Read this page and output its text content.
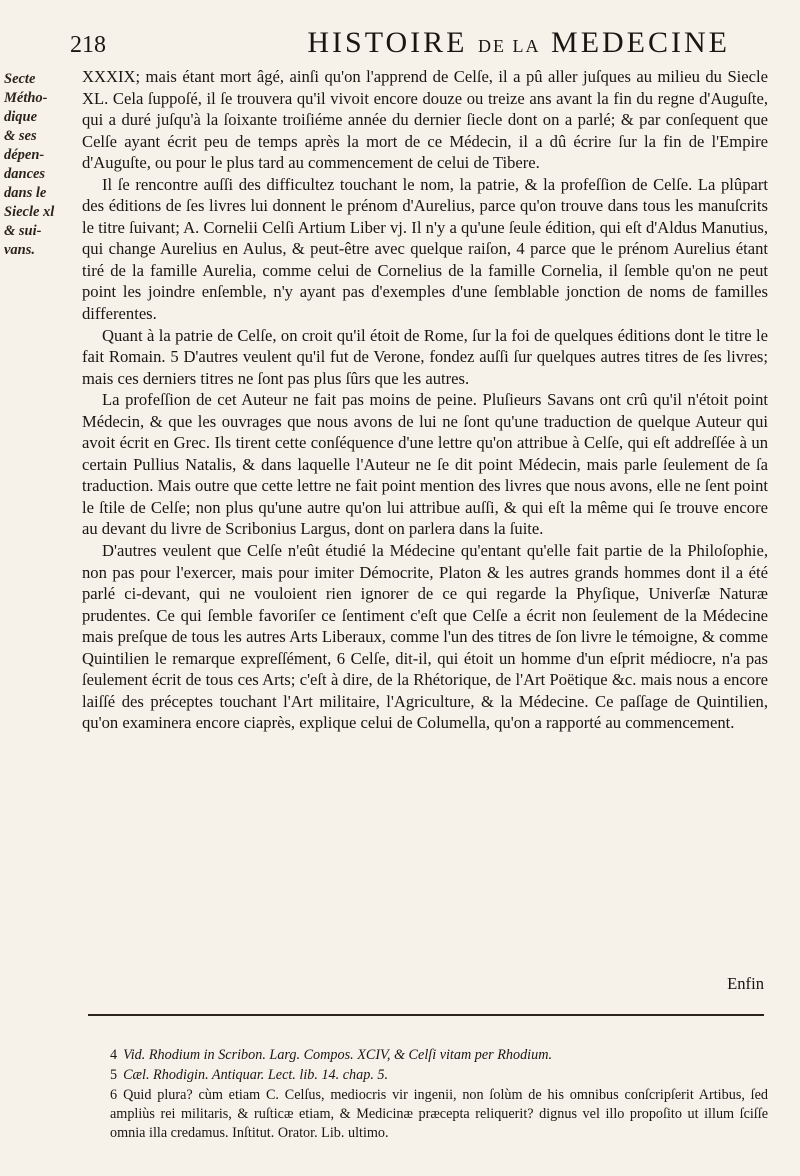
218	HISTOIRE DE LA MEDECINE
Secte
Métho-
dique
& ses
dépen-
dances
dans le
Siecle xl
& sui-
vans.

XXXIX; mais étant mort âgé, ainſi qu'on l'apprend de Celſe, il a pû aller juſques au milieu du Siecle XL. Cela ſuppoſé, il ſe trouvera qu'il vivoit encore douze ou treize ans avant la fin du regne d'Auguſte, qui a duré juſqu'à la ſoixante troiſiéme année du dernier ſiecle dont on a parlé; & par conſequent que Celſe ayant écrit peu de temps après la mort de ce Médecin, il a dû écrire ſur la fin de l'Empire d'Auguſte, ou pour le plus tard au commencement de celui de Tibere.

Il ſe rencontre auſſi des difficultez touchant le nom, la patrie, & la profeſſion de Celſe. La plûpart des éditions de ſes livres lui donnent le prénom d'Aurelius, parce qu'on trouve dans tous les manuſcrits le titre ſuivant; A. Cornelii Celſi Artium Liber vj. Il n'y a qu'une ſeule édition, qui eſt d'Aldus Manutius, qui change Aurelius en Aulus, & peut-être avec quelque raiſon, 4 parce que le prénom Aurelius étant tiré de la famille Aurelia, comme celui de Cornelius de la famille Cornelia, il ſemble qu'on ne peut point les joindre enſemble, n'y ayant pas d'exemples d'une ſemblable jonction de noms de familles differentes.

Quant à la patrie de Celſe, on croit qu'il étoit de Rome, ſur la foi de quelques éditions dont le titre le fait Romain. 5 D'autres veulent qu'il fut de Verone, fondez auſſi ſur quelques autres titres de ſes livres; mais ces derniers titres ne ſont pas plus ſûrs que les autres.

La profeſſion de cet Auteur ne fait pas moins de peine. Pluſieurs Savans ont crû qu'il n'étoit point Médecin, & que les ouvrages que nous avons de lui ne ſont qu'une traduction de quelque Auteur qui avoit écrit en Grec. Ils tirent cette conſéquence d'une lettre qu'on attribue à Celſe, qui eſt addreſſée à un certain Pullius Natalis, & dans laquelle l'Auteur ne ſe dit point Médecin, mais parle ſeulement de ſa traduction. Mais outre que cette lettre ne fait point mention des livres que nous avons, elle ne ſent point le ſtile de Celſe; non plus qu'une autre qu'on lui attribue auſſi, & qui eſt la même qui ſe trouve encore au devant du livre de Scribonius Largus, dont on parlera dans la ſuite.

D'autres veulent que Celſe n'eût étudié la Médecine qu'entant qu'elle fait partie de la Philoſophie, non pas pour l'exercer, mais pour imiter Démocrite, Platon & les autres grands hommes dont il a été parlé ci-devant, qui ne vouloient rien ignorer de ce qui regarde la Phyſique, Univerſæ Naturæ prudentes. Ce qui ſemble favoriſer ce ſentiment c'eſt que Celſe a écrit non ſeulement de la Médecine mais preſque de tous les autres Arts Liberaux, comme l'un des titres de ſon livre le témoigne, & comme Quintilien le remarque expreſſément, 6 Celſe, dit-il, qui étoit un homme d'un eſprit médiocre, n'a pas ſeulement écrit de tous ces Arts; c'eſt à dire, de la Rhétorique, de l'Art Poëtique &c. mais nous a encore laiſſé des préceptes touchant l'Art militaire, l'Agriculture, & la Médecine. Ce paſſage de Quintilien, qu'on examinera encore ciaprès, explique celui de Columella, qu'on a rapporté au commencement.

Enfin
4 Vid. Rhodium in Scribon. Larg. Compos. XCIV, & Celſi vitam per Rhodium.
5 Cæl. Rhodigin. Antiquar. Lect. lib. 14. chap. 5.
6 Quid plura? cùm etiam C. Celſus, mediocris vir ingenii, non ſolùm de his omnibus conſcripſerit Artibus, ſed ampliùs rei militaris, & ruſticæ etiam, & Medicinæ præcepta reliquerit? dignus vel illo propoſito ut illum ſciſſe omnia illa credamus. Inſtitut. Orator. Lib. ultimo.
